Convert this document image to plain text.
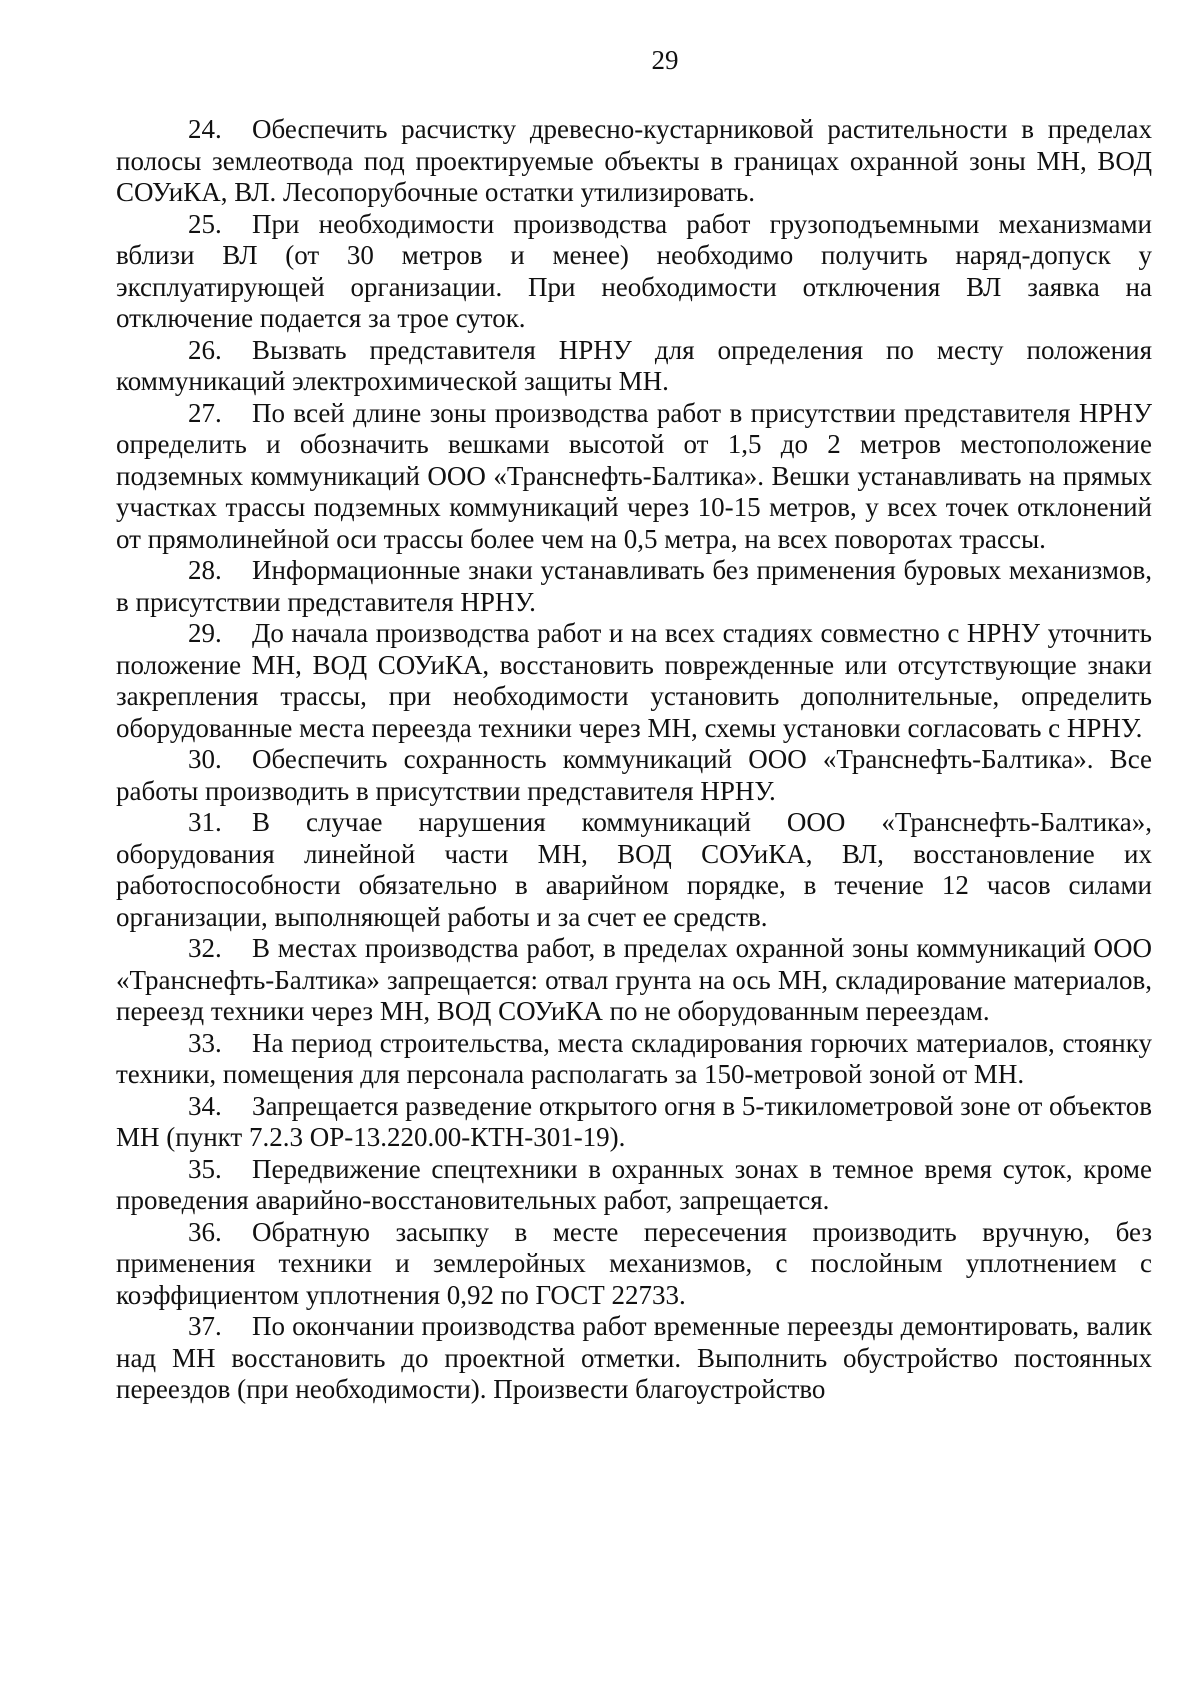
29

24. Обеспечить расчистку древесно-кустарниковой растительности в пределах полосы землеотвода под проектируемые объекты в границах охранной зоны МН, ВОД СОУиКА, ВЛ. Лесопорубочные остатки утилизировать.

25. При необходимости производства работ грузоподъемными механизмами вблизи ВЛ (от 30 метров и менее) необходимо получить наряд-допуск у эксплуатирующей организации. При необходимости отключения ВЛ заявка на отключение подается за трое суток.

26. Вызвать представителя НРНУ для определения по месту положения коммуникаций электрохимической защиты МН.

27. По всей длине зоны производства работ в присутствии представителя НРНУ определить и обозначить вешками высотой от 1,5 до 2 метров местоположение подземных коммуникаций ООО «Транснефть-Балтика». Вешки устанавливать на прямых участках трассы подземных коммуникаций через 10-15 метров, у всех точек отклонений от прямолинейной оси трассы более чем на 0,5 метра, на всех поворотах трассы.

28. Информационные знаки устанавливать без применения буровых механизмов, в присутствии представителя НРНУ.

29. До начала производства работ и на всех стадиях совместно с НРНУ уточнить положение МН, ВОД СОУиКА, восстановить поврежденные или отсутствующие знаки закрепления трассы, при необходимости установить дополнительные, определить оборудованные места переезда техники через МН, схемы установки согласовать с НРНУ.

30. Обеспечить сохранность коммуникаций ООО «Транснефть-Балтика». Все работы производить в присутствии представителя НРНУ.

31. В случае нарушения коммуникаций ООО «Транснефть-Балтика», оборудования линейной части МН, ВОД СОУиКА, ВЛ, восстановление их работоспособности обязательно в аварийном порядке, в течение 12 часов силами организации, выполняющей работы и за счет ее средств.

32. В местах производства работ, в пределах охранной зоны коммуникаций ООО «Транснефть-Балтика» запрещается: отвал грунта на ось МН, складирование материалов, переезд техники через МН, ВОД СОУиКА по не оборудованным переездам.

33. На период строительства, места складирования горючих материалов, стоянку техники, помещения для персонала располагать за 150-метровой зоной от МН.

34. Запрещается разведение открытого огня в 5-тикилометровой зоне от объектов МН (пункт 7.2.3 ОР-13.220.00-КТН-301-19).

35. Передвижение спецтехники в охранных зонах в темное время суток, кроме проведения аварийно-восстановительных работ, запрещается.

36. Обратную засыпку в месте пересечения производить вручную, без применения техники и землеройных механизмов, с послойным уплотнением с коэффициентом уплотнения 0,92 по ГОСТ 22733.

37. По окончании производства работ временные переезды демонтировать, валик над МН восстановить до проектной отметки. Выполнить обустройство постоянных переездов (при необходимости). Произвести благоустройство
